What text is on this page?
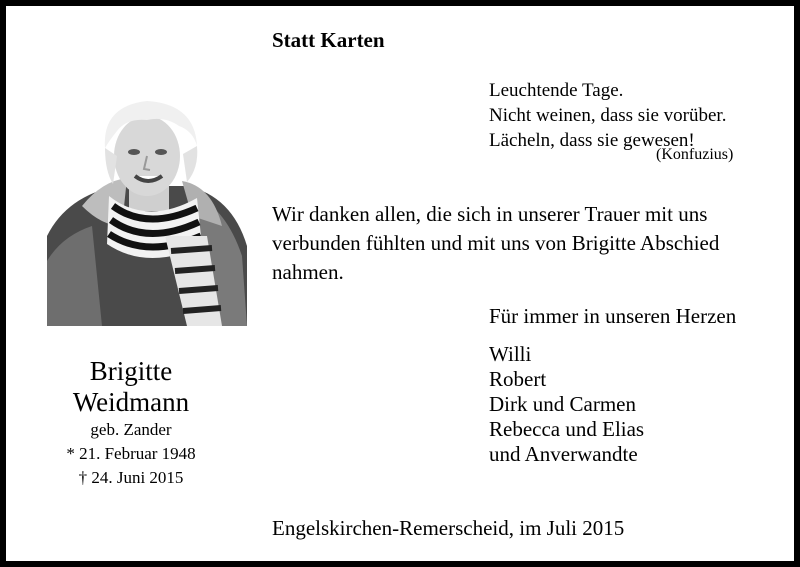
Statt Karten
Leuchtende Tage.
Nicht weinen, dass sie vorüber.
Lächeln, dass sie gewesen!
(Konfuzius)
Brigitte
Weidmann
geb. Zander
* 21. Februar 1948
† 24. Juni 2015
Wir danken allen, die sich in unserer Trauer mit uns
verbunden fühlten und mit uns von Brigitte Abschied
nahmen.
Für immer in unseren Herzen
Willi
Robert
Dirk und Carmen
Rebecca und Elias
und Anverwandte
Engelskirchen-Remerscheid, im Juli 2015
